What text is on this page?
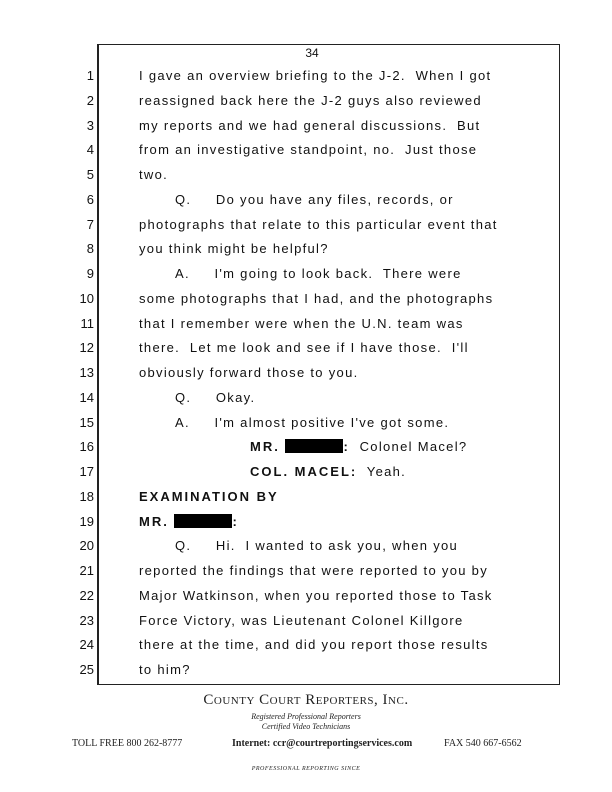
34
1	I gave an overview briefing to the J-2.  When I got
2	reassigned back here the J-2 guys also reviewed
3	my reports and we had general discussions.  But
4	from an investigative standpoint, no.  Just those
5	two.
6	Q.     Do you have any files, records, or
7	photographs that relate to this particular event that
8	you think might be helpful?
9	A.     I'm going to look back.  There were
10	some photographs that I had, and the photographs
11	that I remember were when the U.N. team was
12	there.  Let me look and see if I have those.  I'll
13	obviously forward those to you.
14	Q.     Okay.
15	A.     I'm almost positive I've got some.
16	MR.	:  Colonel Macel?
17	COL. MACEL:  Yeah.
18	EXAMINATION BY
19	MR.	:
20	Q.     Hi.  I wanted to ask you, when you
21	reported the findings that were reported to you by
22	Major Watkinson, when you reported those to Task
23	Force Victory, was Lieutenant Colonel Killgore
24	there at the time, and did you report those results
25	to him?
County Court Reporters, Inc.
Registered Professional Reporters
Certified Video Technicians
TOLL FREE 800 262-8777	Internet: ccr@courtreportingservices.com	FAX 540 667-6562
PROFESSIONAL REPORTING SINCE
